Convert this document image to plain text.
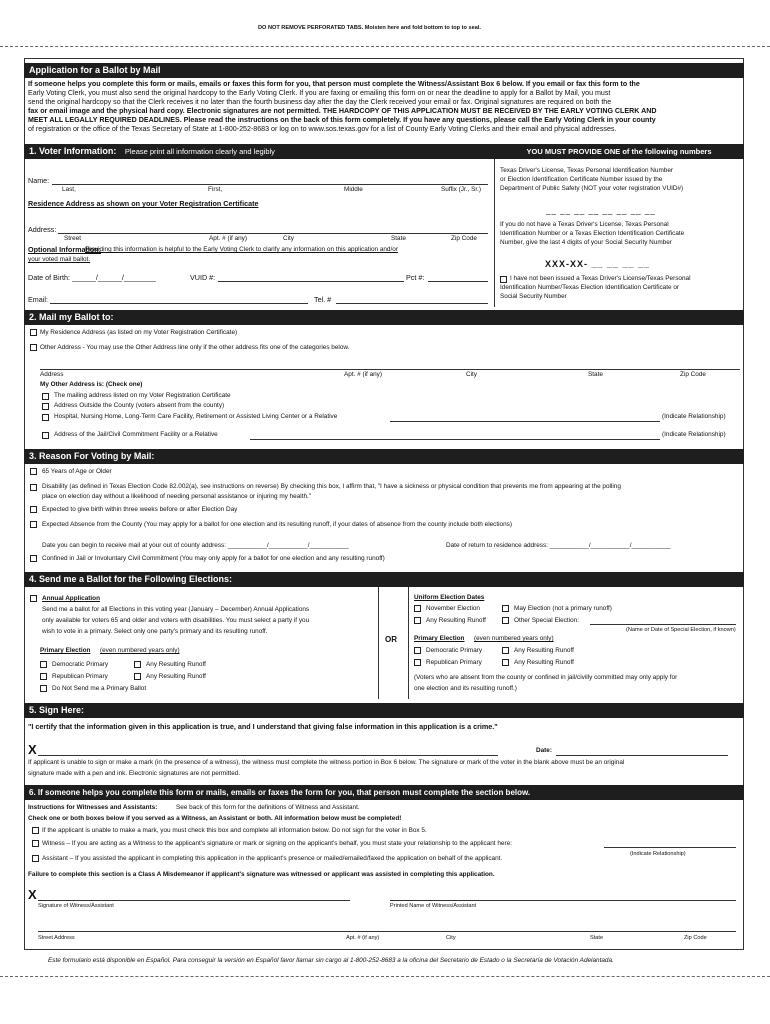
DO NOT REMOVE PERFORATED TABS. Moisten here and fold bottom to top to seal.
Application for a Ballot by Mail
If someone helps you complete this form or mails, emails or faxes this form for you, that person must complete the Witness/Assistant Box 6 below. If you email or fax this form to the
Early Voting Clerk, you must also send the original hardcopy to the Early Voting Clerk. If you are faxing or emailing this form on or near the deadline to apply for a Ballot by Mail, you must
send the original hardcopy so that the Clerk receives it no later than the fourth business day after the day the Clerk received your email or fax. Original signatures are required on both the
fax or email image and the physical hard copy. Electronic signatures are not permitted. THE HARDCOPY OF THIS APPLICATION MUST BE RECEIVED BY THE EARLY VOTING CLERK AND
MEET ALL LEGALLY REQUIRED DEADLINES. Please read the instructions on the back of this form completely. If you have any questions, please call the Early Voting Clerk in your county
of registration or the office of the Texas Secretary of State at 1-800-252-8683 or log on to www.sos.texas.gov for a list of County Early Voting Clerks and their email and physical addresses.
1. Voter Information: Please print all information clearly and legibly	YOU MUST PROVIDE ONE of the following numbers
Name:
Last,	First,	Middle	Suffix (Jr., Sr.)
Residence Address as shown on your Voter Registration Certificate
Address:
Street	Apt. # (if any)	City	State	Zip Code
Optional Information:
Providing this information is helpful to the Early Voting Clerk to clarify any information on this application and/or
your voted mail ballot.
Date of Birth: ______/______/________	VUID #:	Pct #:
Email:	Tel. #
Texas Driver's License, Texas Personal Identification Number
or Election Identification Certificate Number issued by the
Department of Public Safety (NOT your voter registration VUID#)
__ __ __ __ __ __ __ __
If you do not have a Texas Driver's License, Texas Personal
Identification Number or a Texas Election Identification Certificate
Number, give the last 4 digits of your Social Security Number
XXX-XX- __ __ __ __
I have not been issued a Texas Driver's License/Texas Personal
Identification Number/Texas Election Identification Certificate or
Social Security Number
2. Mail my Ballot to:
My Residence Address (as listed on my Voter Registration Certificate)
Other Address - You may use the Other Address line only if the other address fits one of the categories below.
Address	Apt. # (if any)	City	State	Zip Code
My Other Address is: (Check one)
The mailing address listed on my Voter Registration Certificate
Address Outside the County (voters absent from the county)
Hospital, Nursing Home, Long-Term Care Facility, Retirement or Assisted Living Center or a Relative	(Indicate Relationship)
Address of the Jail/Civil Commitment Facility or a Relative	(Indicate Relationship)
3. Reason For Voting by Mail:
65 Years of Age or Older
Disability (as defined in Texas Election Code 82.002(a), see instructions on reverse) By checking this box, I affirm that, "I have a sickness or physical condition that prevents me from appearing at the polling
place on election day without a likelihood of needing personal assistance or injuring my health."
Expected to give birth within three weeks before or after Election Day
Expected Absence from the County (You may apply for a ballot for one election and its resulting runoff, if your dates of absence from the county include both elections)
Date you can begin to receive mail at your out of county address: ___________/___________/___________	Date of return to residence address: ___________/___________/___________
Confined in Jail or Involuntary Civil Commitment (You may only apply for a ballot for one election and any resulting runoff)
4. Send me a Ballot for the Following Elections:
OR
Annual Application
Send me a ballot for all Elections in this voting year (January – December) Annual Applications
only available for voters 65 and older and voters with disabilities. You must select a party if you
wish to vote in a primary. Select only one party's primary and its resulting runoff.
Primary Election (even numbered years only)
Democratic Primary	Any Resulting Runoff
Republican Primary	Any Resulting Runoff
Do Not Send me a Primary Ballot
Uniform Election Dates
November Election	May Election (not a primary runoff)
Any Resulting Runoff	Other Special Election:
(Name or Date of Special Election, if known)
Primary Election (even numbered years only)
Democratic Primary	Any Resulting Runoff
Republican Primary	Any Resulting Runoff
(Voters who are absent from the county or confined in jail/civilly committed may only apply for
one election and its resulting runoff.)
5. Sign Here:
"I certify that the information given in this application is true, and I understand that giving false information in this application is a crime."
X	Date:
If applicant is unable to sign or make a mark (in the presence of a witness), the witness must complete the witness portion in Box 6 below. The signature or mark of the voter in the blank above must be an original
signature made with a pen and ink. Electronic signatures are not permitted.
6. If someone helps you complete this form or mails, emails or faxes the form for you, that person must complete the section below.
Instructions for Witnesses and Assistants:	See back of this form for the definitions of Witness and Assistant.
Check one or both boxes below if you served as a Witness, an Assistant or both. All information below must be completed!
If the applicant is unable to make a mark, you must check this box and complete all information below. Do not sign for the voter in Box 5.
Witness – If you are acting as a Witness to the applicant's signature or mark or signing on the applicant's behalf, you must state your relationship to the applicant here:
(Indicate Relationship)
Assistant – If you assisted the applicant in completing this application in the applicant's presence or mailed/emailed/faxed the application on behalf of the applicant.
Failure to complete this section is a Class A Misdemeanor if applicant's signature was witnessed or applicant was assisted in completing this application.
X
Signature of Witness/Assistant	Printed Name of Witness/Assistant
Street Address	Apt. # (if any)	City	State	Zip Code
Este formulario está disponible en Español. Para conseguir la versión en Español favor llamar sin cargo al 1-800-252-8683 a la oficina del Secretario de Estado o la Secretaría de Votación Adelantada.
